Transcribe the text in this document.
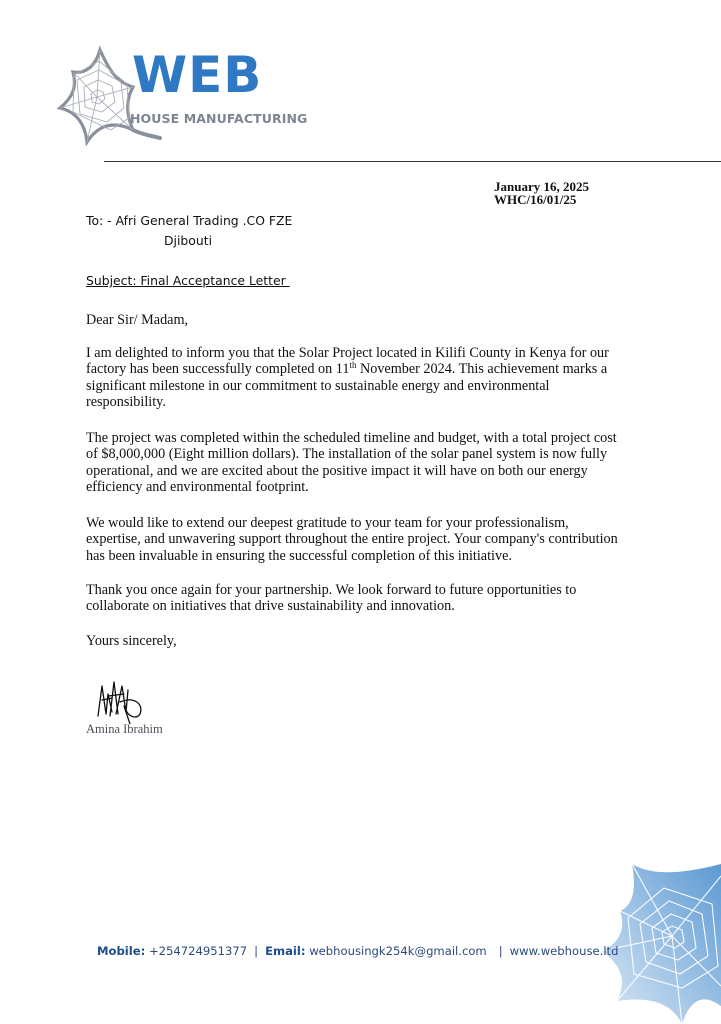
WEB
HOUSE MANUFACTURING
January 16, 2025
WHC/16/01/25
To: - Afri General Trading .CO FZE
Djibouti
Subject: Final Acceptance Letter
Dear Sir/ Madam,
I am delighted to inform you that the Solar Project located in Kilifi County in Kenya for our factory has been successfully completed on 11th November 2024. This achievement marks a significant milestone in our commitment to sustainable energy and environmental responsibility.
The project was completed within the scheduled timeline and budget, with a total project cost of $8,000,000 (Eight million dollars). The installation of the solar panel system is now fully operational, and we are excited about the positive impact it will have on both our energy efficiency and environmental footprint.
We would like to extend our deepest gratitude to your team for your professionalism, expertise, and unwavering support throughout the entire project. Your company's contribution has been invaluable in ensuring the successful completion of this initiative.
Thank you once again for your partnership. We look forward to future opportunities to collaborate on initiatives that drive sustainability and innovation.
Yours sincerely,
Amina Ibrahim
Mobile: +254724951377 | Email: webhousingk254k@gmail.com | www.webhouse.ltd
